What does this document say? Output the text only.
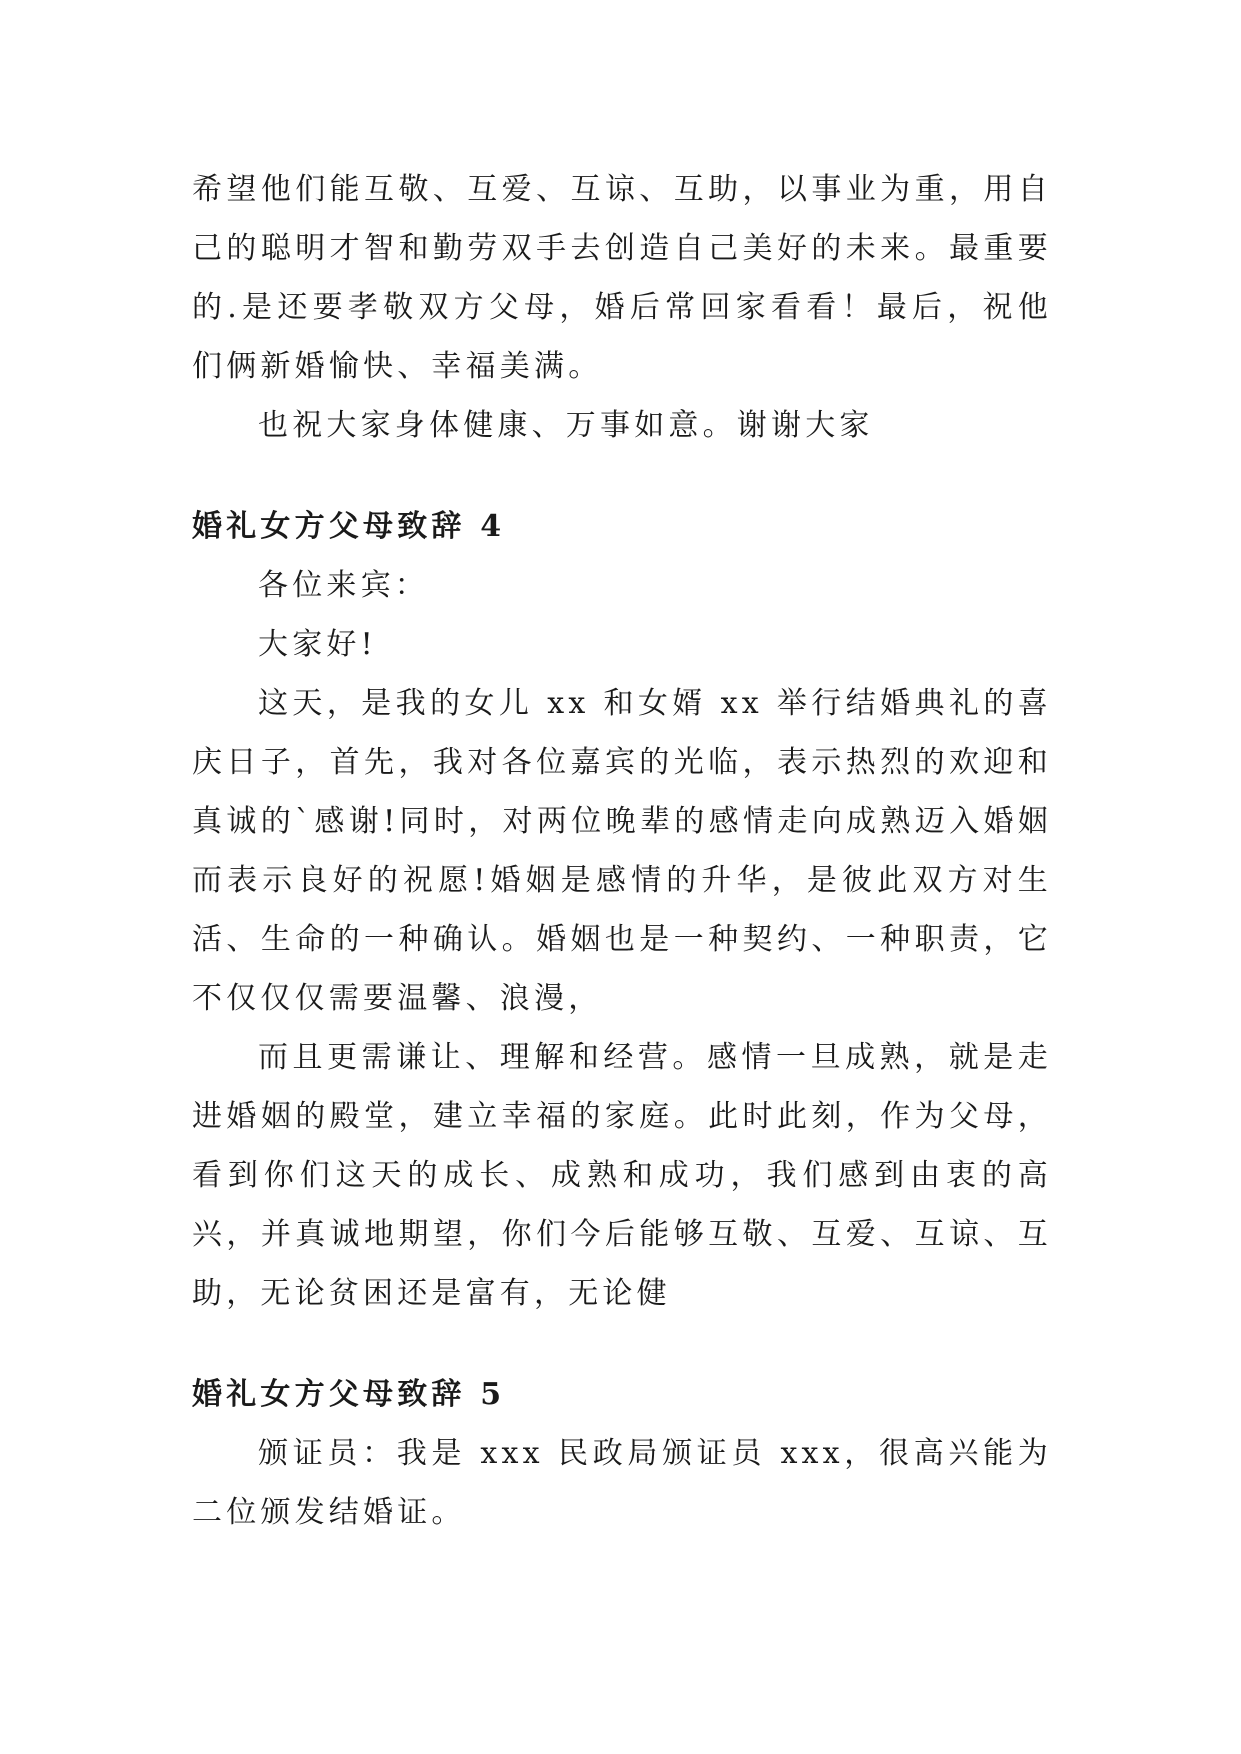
希望他们能互敬、互爱、互谅、互助，以事业为重，用自己的聪明才智和勤劳双手去创造自己美好的未来。最重要的.是还要孝敬双方父母，婚后常回家看看！最后，祝他们俩新婚愉快、幸福美满。

也祝大家身体健康、万事如意。谢谢大家

婚礼女方父母致辞 4

各位来宾：

大家好!

这天，是我的女儿 xx 和女婿 xx 举行结婚典礼的喜庆日子，首先，我对各位嘉宾的光临，表示热烈的欢迎和真诚的`感谢!同时，对两位晚辈的感情走向成熟迈入婚姻而表示良好的祝愿!婚姻是感情的升华，是彼此双方对生活、生命的一种确认。婚姻也是一种契约、一种职责，它不仅仅仅需要温馨、浪漫，

而且更需谦让、理解和经营。感情一旦成熟，就是走进婚姻的殿堂，建立幸福的家庭。此时此刻，作为父母，看到你们这天的成长、成熟和成功，我们感到由衷的高兴，并真诚地期望，你们今后能够互敬、互爱、互谅、互助，无论贫困还是富有，无论健

婚礼女方父母致辞 5

颁证员：我是 xxx 民政局颁证员 xxx，很高兴能为二位颁发结婚证。
